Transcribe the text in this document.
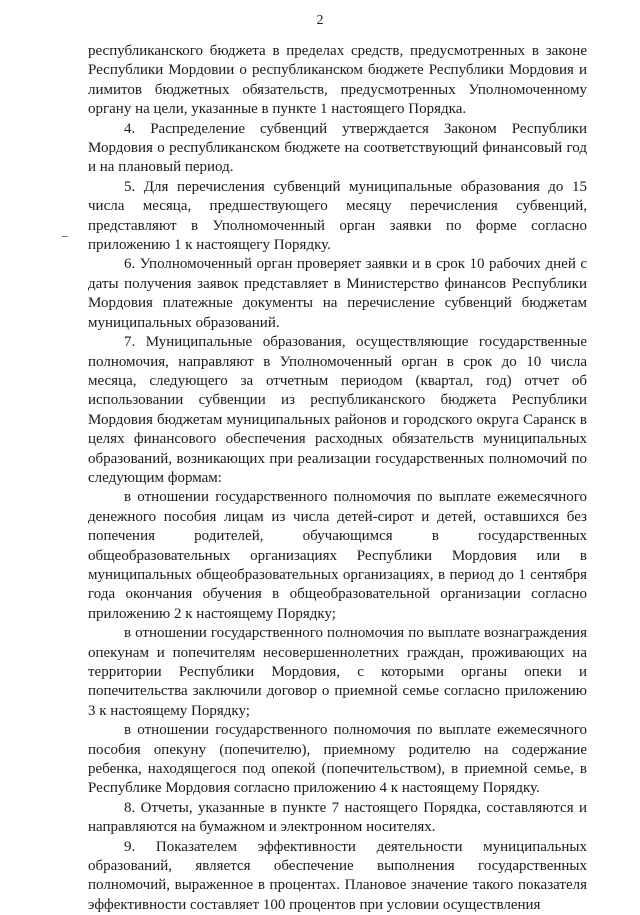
2

республиканского бюджета в пределах средств, предусмотренных в законе Республики Мордовии о республиканском бюджете Республики Мордовия и лимитов бюджетных обязательств, предусмотренных Уполномоченному органу на цели, указанные в пункте 1 настоящего Порядка.

4. Распределение субвенций утверждается Законом Республики Мордовия о республиканском бюджете на соответствующий финансовый год и на плановый период.

5. Для перечисления субвенций муниципальные образования до 15 числа месяца, предшествующего месяцу перечисления субвенций, представляют в Уполномоченный орган заявки по форме согласно приложению 1 к настоящегу Порядку.

6. Уполномоченный орган проверяет заявки и в срок 10 рабочих дней с даты получения заявок представляет в Министерство финансов Республики Мордовия платежные документы на перечисление субвенций бюджетам муниципальных образований.

7. Муниципальные образования, осуществляющие государственные полномочия, направляют в Уполномоченный орган в срок до 10 числа месяца, следующего за отчетным периодом (квартал, год) отчет об использовании субвенции из республиканского бюджета Республики Мордовия бюджетам муниципальных районов и городского округа Саранск в целях финансового обеспечения расходных обязательств муниципальных образований, возникающих при реализации государственных полномочий по следующим формам:

в отношении государственного полномочия по выплате ежемесячного денежного пособия лицам из числа детей-сирот и детей, оставшихся без попечения родителей, обучающимся в государственных общеобразовательных организациях Республики Мордовия или в муниципальных общеобразовательных организациях, в период до 1 сентября года окончания обучения в общеобразовательной организации согласно приложению 2 к настоящему Порядку;

в отношении государственного полномочия по выплате вознаграждения опекунам и попечителям несовершеннолетних граждан, проживающих на территории Республики Мордовия, с которыми органы опеки и попечительства заключили договор о приемной семье согласно приложению 3 к настоящему Порядку;

в отношении государственного полномочия по выплате ежемесячного пособия опекуну (попечителю), приемному родителю на содержание ребенка, находящегося под опекой (попечительством), в приемной семье, в Республике Мордовия согласно приложению 4 к настоящему Порядку.

8. Отчеты, указанные в пункте 7 настоящего Порядка, составляются и направляются на бумажном и электронном носителях.

9. Показателем эффективности деятельности муниципальных образований, является обеспечение выполнения государственных полномочий, выраженное в процентах. Плановое значение такого показателя эффективности составляет 100 процентов при условии осуществления
